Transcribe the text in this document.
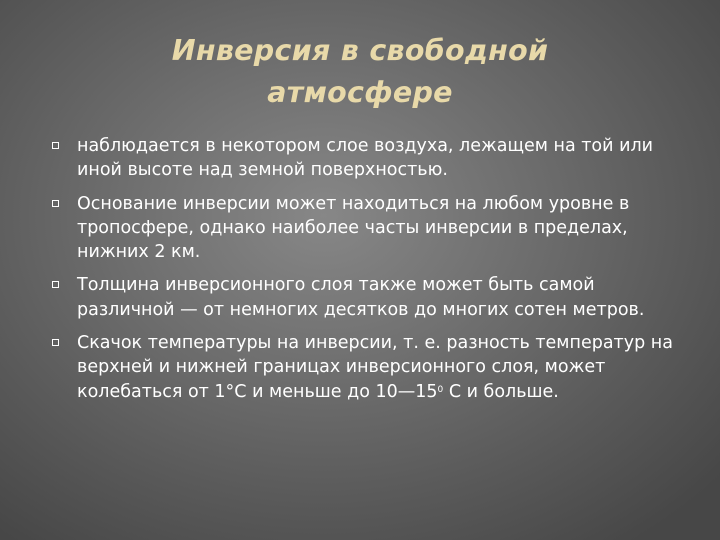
Инверсия в свободной
атмосфере
наблюдается в некотором слое воздуха, лежащем на той или иной высоте над земной поверхностью.
Основание инверсии может находиться на любом уровне в тропосфере, однако наиболее часты инверсии в пределах, нижних 2 км.
Толщина инверсионного слоя также может быть самой различной — от немногих десятков до многих сотен метров.
Скачок температуры на инверсии, т. е. разность температур на верхней и нижней границах инверсионного слоя, может колебаться от 1°С и меньше до $10—15^0$ С и больше.
